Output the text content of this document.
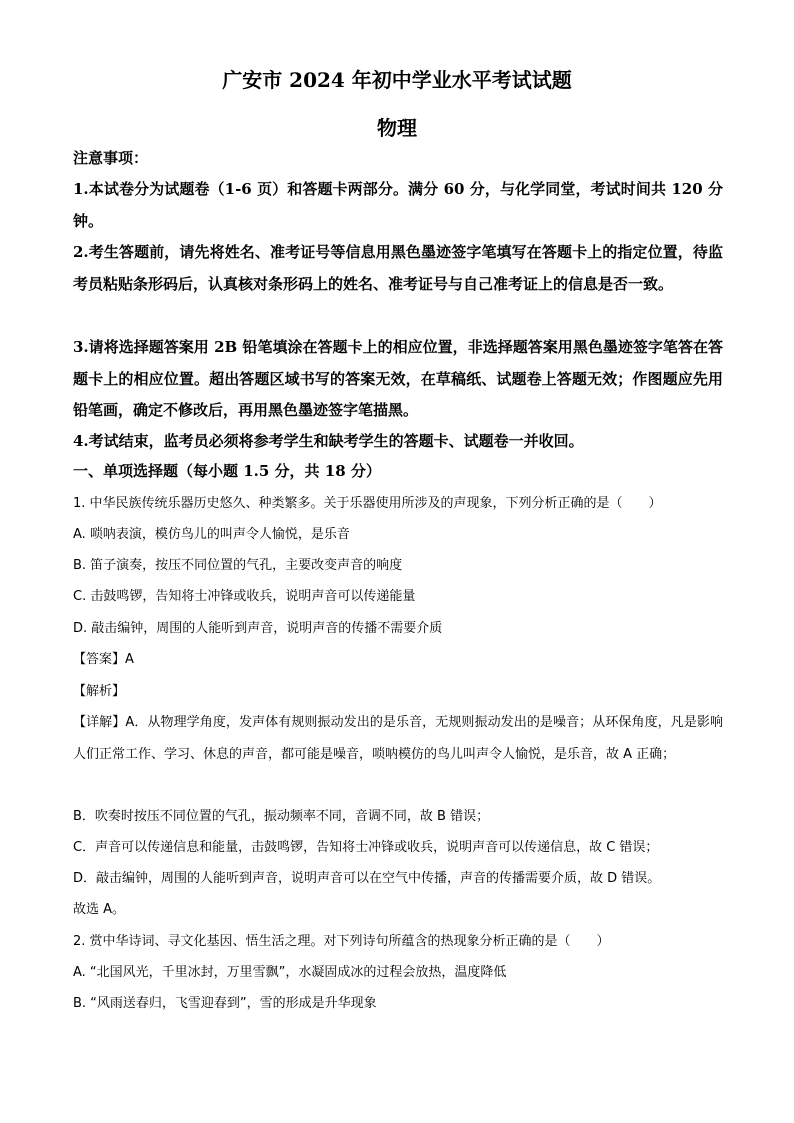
广安市 2024 年初中学业水平考试试题
物理
注意事项：
1.本试卷分为试题卷（1-6 页）和答题卡两部分。满分 60 分，与化学同堂，考试时间共 120 分钟。
2.考生答题前，请先将姓名、准考证号等信息用黑色墨迹签字笔填写在答题卡上的指定位置，待监考员粘贴条形码后，认真核对条形码上的姓名、准考证号与自己准考证上的信息是否一致。
3.请将选择题答案用 2B 铅笔填涂在答题卡上的相应位置，非选择题答案用黑色墨迹签字笔答在答题卡上的相应位置。超出答题区域书写的答案无效，在草稿纸、试题卷上答题无效；作图题应先用铅笔画，确定不修改后，再用黑色墨迹签字笔描黑。
4.考试结束，监考员必须将参考学生和缺考学生的答题卡、试题卷一并收回。
一、单项选择题（每小题 1.5 分，共 18 分）
1. 中华民族传统乐器历史悠久、种类繁多。关于乐器使用所涉及的声现象，下列分析正确的是（　　）
A. 唢呐表演，模仿鸟儿的叫声令人愉悦，是乐音
B. 笛子演奏，按压不同位置的气孔，主要改变声音的响度
C. 击鼓鸣锣，告知将士冲锋或收兵，说明声音可以传递能量
D. 敲击编钟，周围的人能听到声音，说明声音的传播不需要介质
【答案】A
【解析】
【详解】A．从物理学角度，发声体有规则振动发出的是乐音，无规则振动发出的是噪音；从环保角度，凡是影响人们正常工作、学习、休息的声音，都可能是噪音，唢呐模仿的鸟儿叫声令人愉悦，是乐音，故 A 正确；
B．吹奏时按压不同位置的气孔，振动频率不同，音调不同，故 B 错误；
C．声音可以传递信息和能量，击鼓鸣锣，告知将士冲锋或收兵，说明声音可以传递信息，故 C 错误；
D．敲击编钟，周围的人能听到声音，说明声音可以在空气中传播，声音的传播需要介质，故 D 错误。
故选 A。
2. 赏中华诗词、寻文化基因、悟生活之理。对下列诗句所蕴含的热现象分析正确的是（　　）
A. “北国风光，千里冰封，万里雪飘”，水凝固成冰的过程会放热，温度降低
B. “风雨送春归，飞雪迎春到”，雪的形成是升华现象
